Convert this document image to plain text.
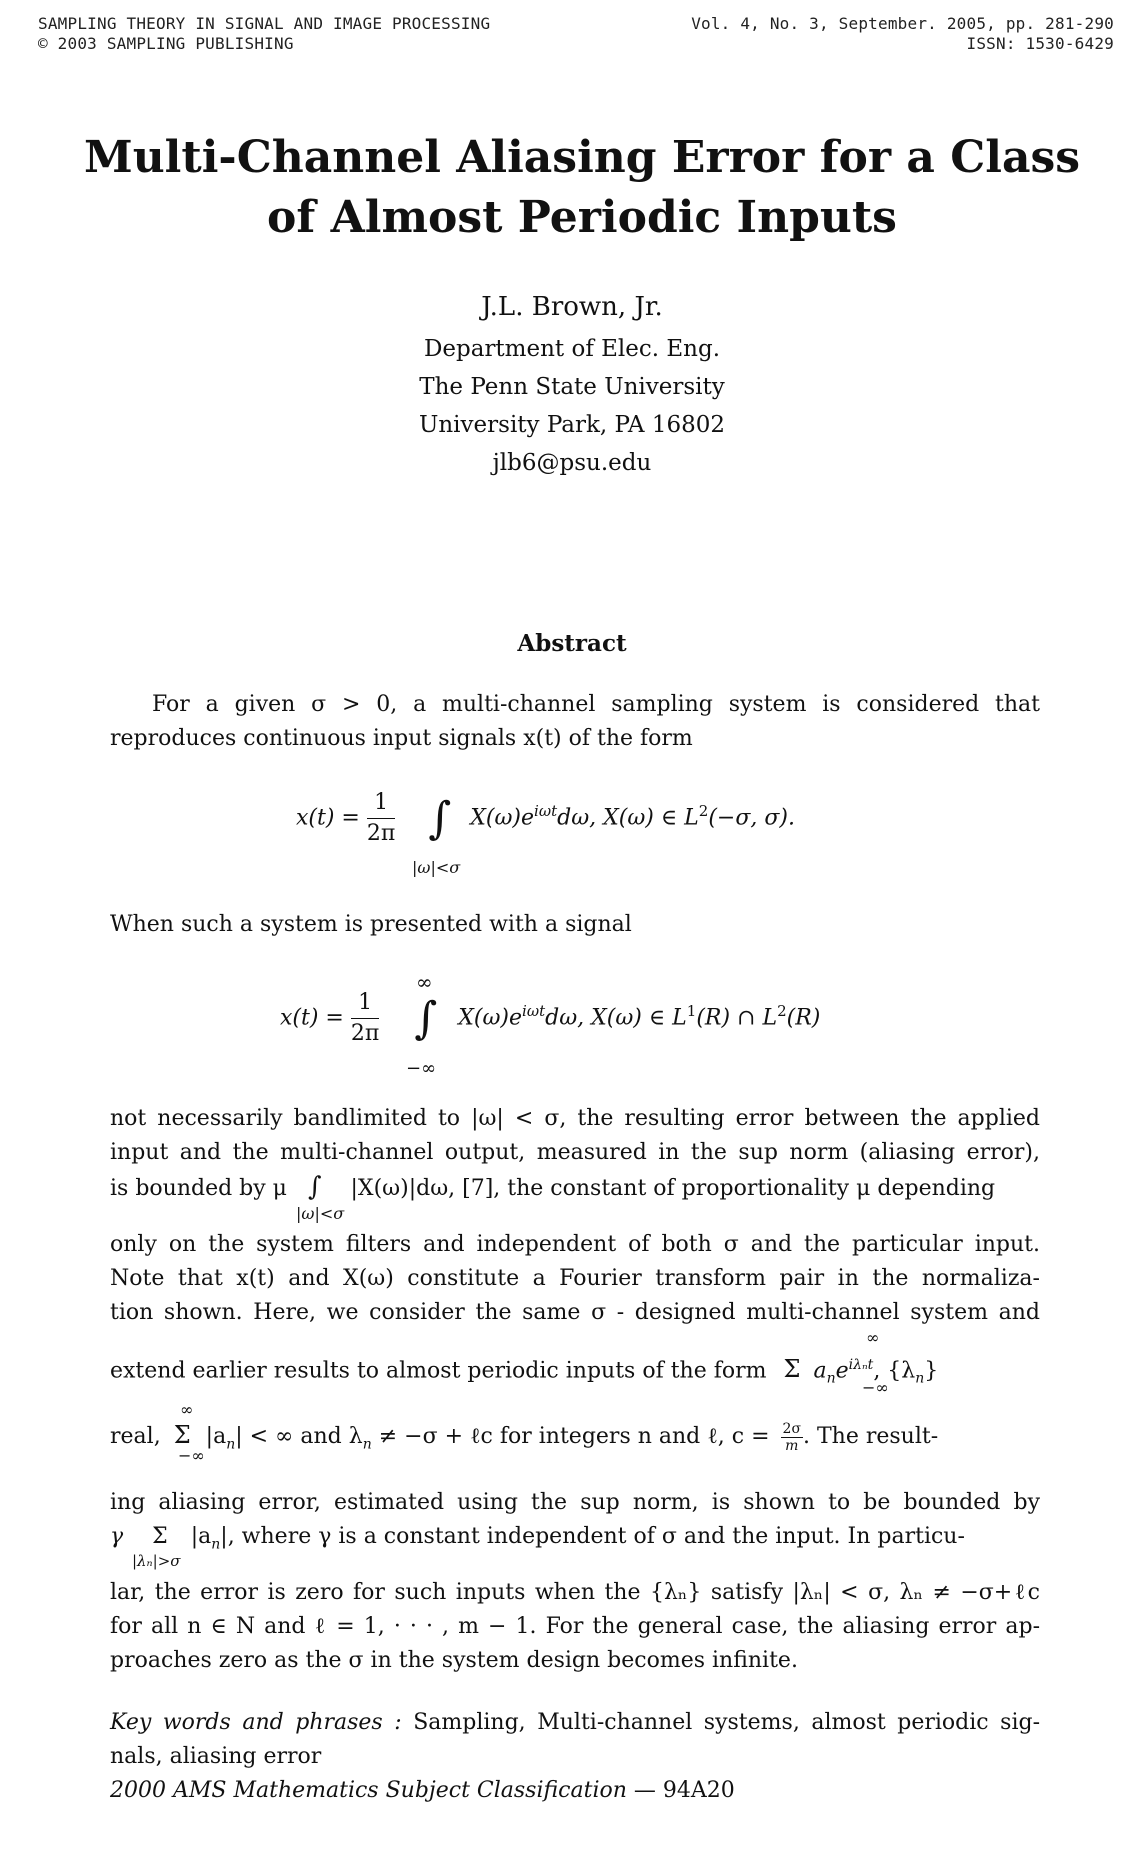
SAMPLING THEORY IN SIGNAL AND IMAGE PROCESSING
© 2003 SAMPLING PUBLISHING
Vol. 4, No. 3, September. 2005, pp. 281-290
ISSN: 1530-6429
Multi-Channel Aliasing Error for a Class of Almost Periodic Inputs
J.L. Brown, Jr.
Department of Elec. Eng.
The Penn State University
University Park, PA 16802
jlb6@psu.edu
Abstract
For a given σ > 0, a multi-channel sampling system is considered that reproduces continuous input signals x(t) of the form
$x(t) = \frac{1}{2\pi}$ ∫ $X(\omega)e^{i\omega t}d\omega$, X(ω) ∈ $L^2(-\sigma$, σ).
|ω|<σ
When such a system is presented with a signal
∞
$x(t) = \frac{1}{2\pi}$ ∫ $X(\omega)e^{i\omega t}d\omega$, X(ω) ∈ $L^1(R)$ ∩ $L^2(R)$
−∞
not necessarily bandlimited to |ω| < σ, the resulting error between the applied
input and the multi-channel output, measured in the sup norm (aliasing error),
is bounded by μ ∫ |X(ω)|dω, [7], the constant of proportionality μ depending
|ω|<σ
only on the system filters and independent of both σ and the particular input.
Note that x(t) and X(ω) constitute a Fourier transform pair in the normaliza-
tion shown. Here, we consider the same σ - designed multi-channel system and
∞
extend earlier results to almost periodic inputs of the form Σ $a_ne^{i\lambda_nt}$, $\{\lambda_n\}$
−∞
∞
real, Σ $|a_n|$ < ∞ and $\lambda_n \ne -\sigma$ + ℓc for integers n and ℓ, $c = \frac{2\sigma}{m}$ . The result-
−∞
ing aliasing error, estimated using the sup norm, is shown to be bounded by
γ Σ $|a_n|$, where γ is a constant independent of σ and the input. In particu-
|λₙ|>σ
lar, the error is zero for such inputs when the {λₙ} satisfy |λₙ| < σ, λₙ ≠ −σ+ℓc
for all n ∈ N and ℓ = 1, · · · , m − 1. For the general case, the aliasing error ap-
proaches zero as the σ in the system design becomes infinite.
Key words and phrases : Sampling, Multi-channel systems, almost periodic sig-
nals, aliasing error
2000 AMS Mathematics Subject Classification — 94A20
